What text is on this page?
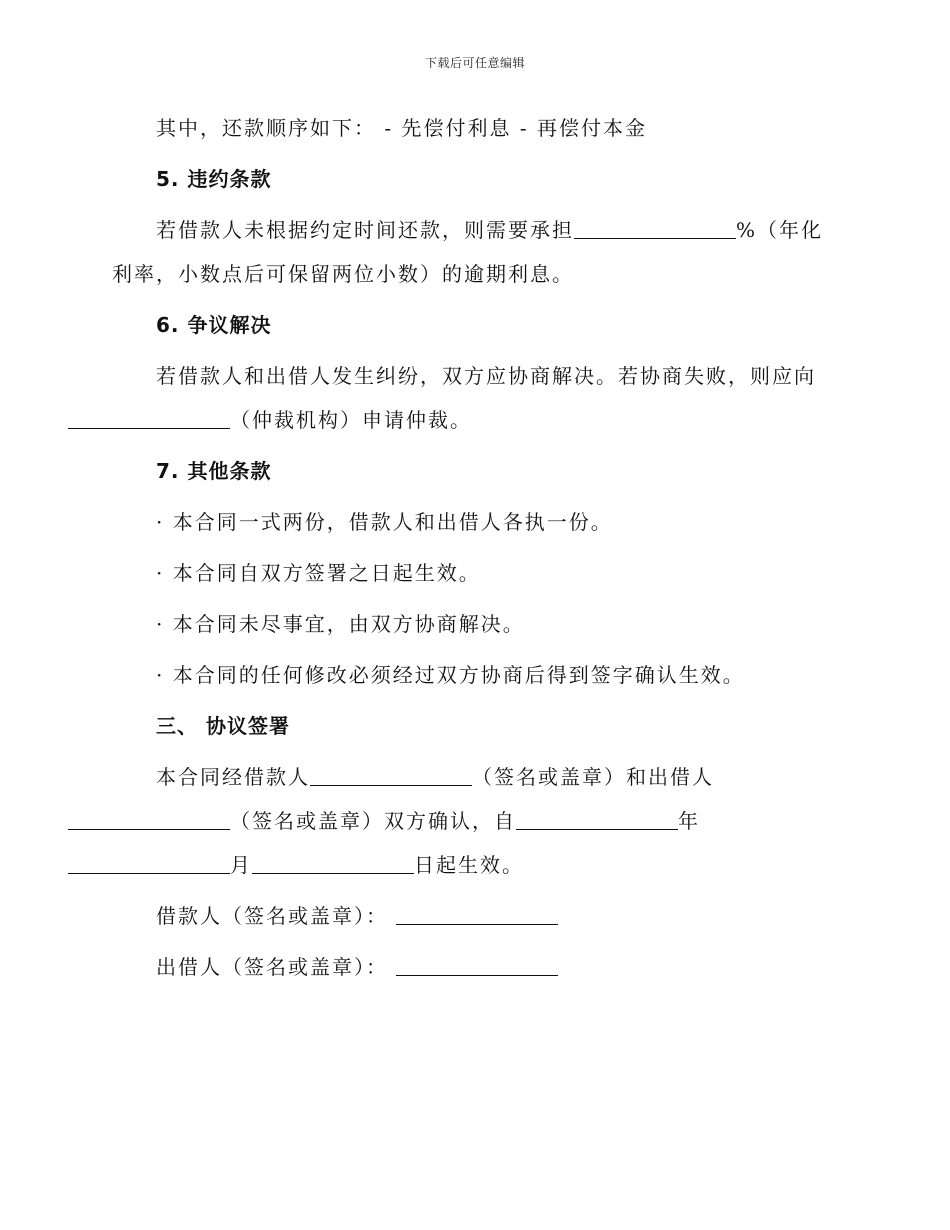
下载后可任意编辑

其中，还款顺序如下： - 先偿付利息 - 再偿付本金

5. 违约条款

若借款人未根据约定时间还款，则需要承担	%（年化利率，小数点后可保留两位小数）的逾期利息。

6. 争议解决

若借款人和出借人发生纠纷，双方应协商解决。若协商失败，则应向
（仲裁机构）申请仲裁。

7. 其他条款

· 本合同一式两份，借款人和出借人各执一份。

· 本合同自双方签署之日起生效。

· 本合同未尽事宜，由双方协商解决。

· 本合同的任何修改必须经过双方协商后得到签字确认生效。

三、 协议签署

本合同经借款人	（签名或盖章）和出借人
（签名或盖章）双方确认，自	年
月	日起生效。

借款人（签名或盖章）：
出借人（签名或盖章）：
